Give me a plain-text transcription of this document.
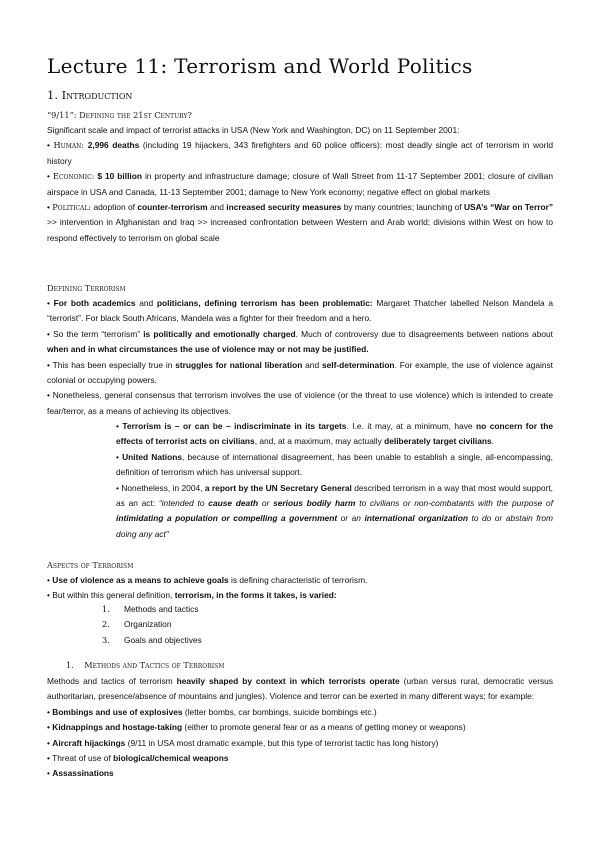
Lecture 11: Terrorism and World Politics
1. Introduction
“9/11”: Defining the 21st Century?

Significant scale and impact of terrorist attacks in USA (New York and Washington, DC) on 11 September 2001:

• Human: 2,996 deaths (including 19 hijackers, 343 firefighters and 60 police officers): most deadly single act of terrorism in world history

• Economic: $ 10 billion in property and infrastructure damage; closure of Wall Street from 11-17 September 2001; closure of civilian airspace in USA and Canada, 11-13 September 2001; damage to New York economy; negative effect on global markets

• Political: adoption of counter-terrorism and increased security measures by many countries; launching of USA’s “War on Terror” >> intervention in Afghanistan and Iraq >> increased confrontation between Western and Arab world; divisions within West on how to respond effectively to terrorism on global scale

Defining Terrorism

• For both academics and politicians, defining terrorism has been problematic: Margaret Thatcher labelled Nelson Mandela a “terrorist”. For black South Africans, Mandela was a fighter for their freedom and a hero.

• So the term “terrorism” is politically and emotionally charged. Much of controversy due to disagreements between nations about when and in what circumstances the use of violence may or not may be justified.

• This has been especially true in struggles for national liberation and self-determination. For example, the use of violence against colonial or occupying powers.

• Nonetheless, general consensus that terrorism involves the use of violence (or the threat to use violence) which is intended to create fear/terror, as a means of achieving its objectives.

• Terrorism is – or can be – indiscriminate in its targets. I.e. it may, at a minimum, have no concern for the effects of terrorist acts on civilians, and, at a maximum, may actually deliberately target civilians.

• United Nations, because of international disagreement, has been unable to establish a single, all-encompassing, definition of terrorism which has universal support.

• Nonetheless, in 2004, a report by the UN Secretary General described terrorism in a way that most would support, as an act: “intended to cause death or serious bodily harm to civilians or non-combatants with the purpose of intimidating a population or compelling a government or an international organization to do or abstain from doing any act”

Aspects of Terrorism

• Use of violence as a means to achieve goals is defining characteristic of terrorism.

• But within this general definition, terrorism, in the forms it takes, is varied:

1. Methods and tactics
2. Organization
3. Goals and objectives
1. Methods and Tactics of Terrorism

Methods and tactics of terrorism heavily shaped by context in which terrorists operate (urban versus rural, democratic versus authoritarian, presence/absence of mountains and jungles). Violence and terror can be exerted in many different ways; for example:

• Bombings and use of explosives (letter bombs, car bombings, suicide bombings etc.)

• Kidnappings and hostage-taking (either to promote general fear or as a means of getting money or weapons)

• Aircraft hijackings (9/11 in USA most dramatic example, but this type of terrorist tactic has long history)

• Threat of use of biological/chemical weapons

• Assassinations
